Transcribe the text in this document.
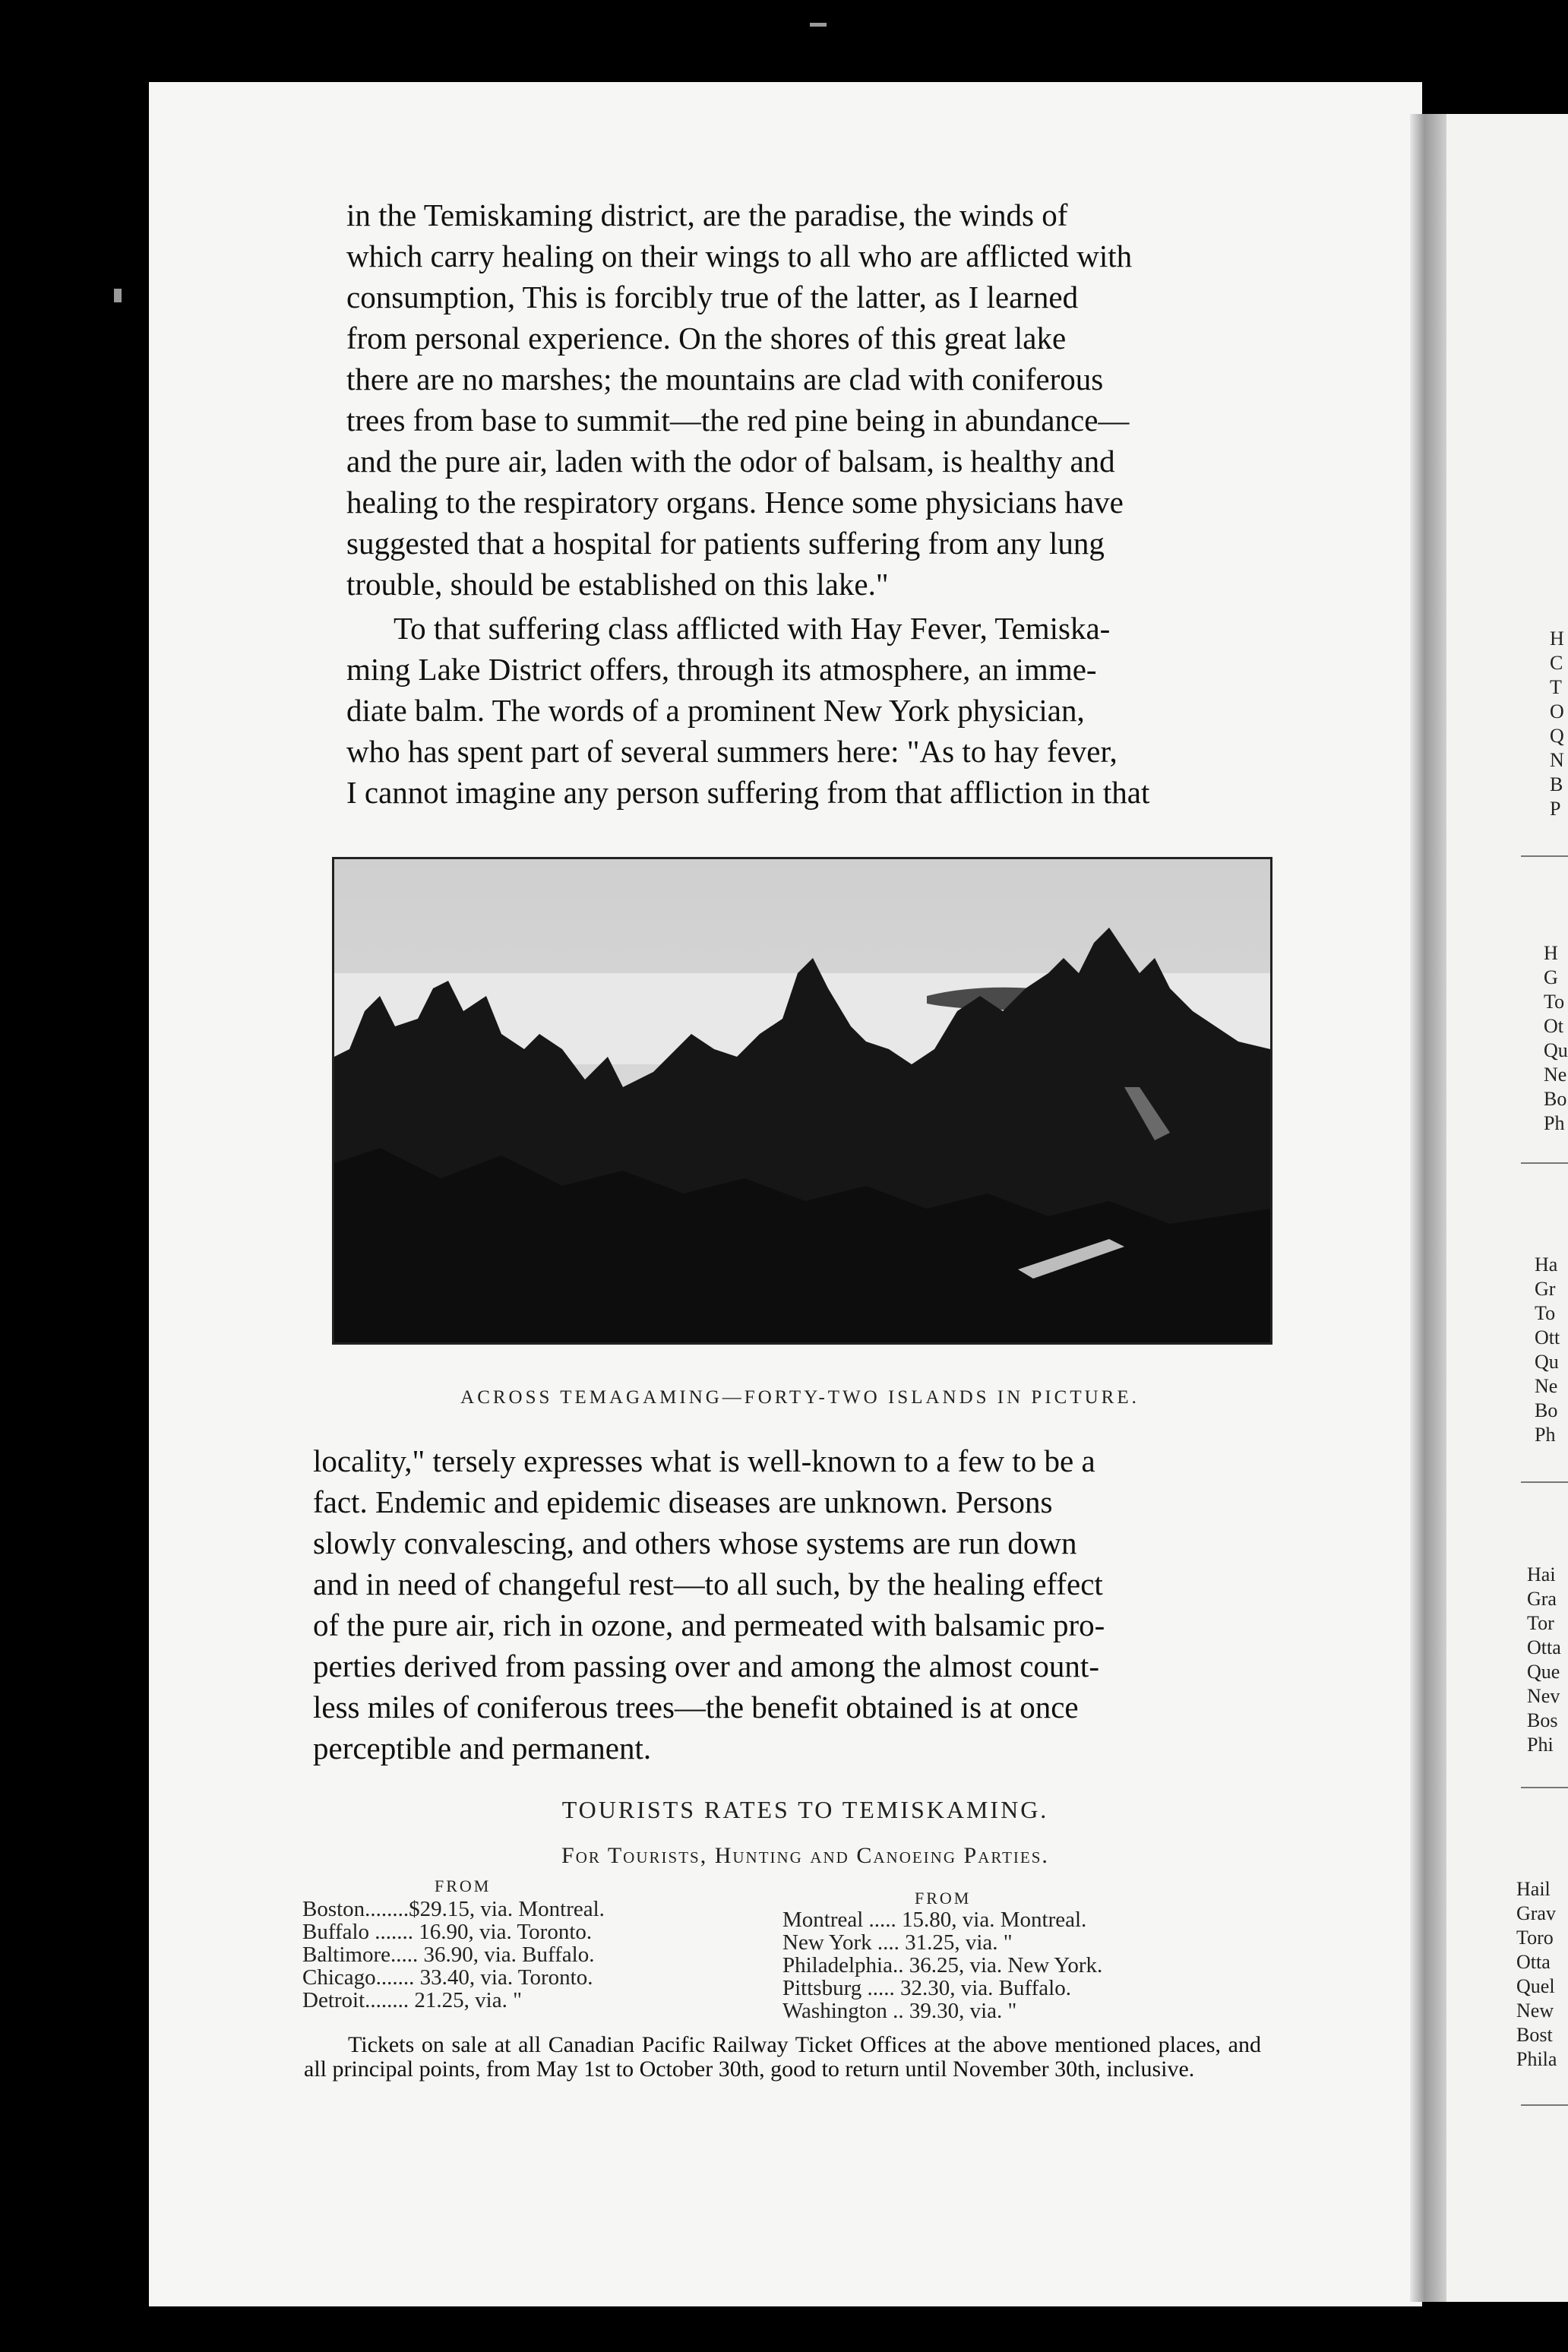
in the Temiskaming district, are the paradise, the winds of

which carry healing on their wings to all who are afflicted with

consumption, This is forcibly true of the latter, as I learned

from personal experience. On the shores of this great lake

there are no marshes; the mountains are clad with coniferous

trees from base to summit—the red pine being in abundance—

and the pure air, laden with the odor of balsam, is healthy and

healing to the respiratory organs. Hence some physicians have

suggested that a hospital for patients suffering from any lung

trouble, should be established on this lake."

To that suffering class afflicted with Hay Fever, Temiska-

ming Lake District offers, through its atmosphere, an imme-

diate balm. The words of a prominent New York physician,

who has spent part of several summers here: "As to hay fever,

I cannot imagine any person suffering from that affliction in that

ACROSS TEMAGAMING—FORTY-TWO ISLANDS IN PICTURE.

locality," tersely expresses what is well-known to a few to be a

fact. Endemic and epidemic diseases are unknown. Persons

slowly convalescing, and others whose systems are run down

and in need of changeful rest—to all such, by the healing effect

of the pure air, rich in ozone, and permeated with balsamic pro-

perties derived from passing over and among the almost count-

less miles of coniferous trees—the benefit obtained is at once

perceptible and permanent.

TOURISTS RATES TO TEMISKAMING.
For Tourists, Hunting and Canoeing Parties.
FROM
FROM
Boston........$29.15, via. Montreal.
Buffalo ....... 16.90, via. Toronto.
Baltimore..... 36.90, via. Buffalo.
Chicago....... 33.40, via. Toronto.
Detroit........ 21.25, via. "
Montreal ..... 15.80, via. Montreal.
New York .... 31.25, via. "
Philadelphia.. 36.25, via. New York.
Pittsburg ..... 32.30, via. Buffalo.
Washington .. 39.30, via. "

Tickets on sale at all Canadian Pacific Railway Ticket Offices at the above mentioned places, and all principal points, from May 1st to October 30th, good to return until November 30th, inclusive.

H
C
T
O
Q
N
B
P
H
G
To
Ot
Qu
Ne
Bo
Ph
Ha
Gr
To
Ott
Qu
Ne
Bo
Ph
Hai
Gra
Tor
Otta
Que
Nev
Bos
Phi
Hail
Grav
Toro
Otta
Quel
New
Bost
Phila
